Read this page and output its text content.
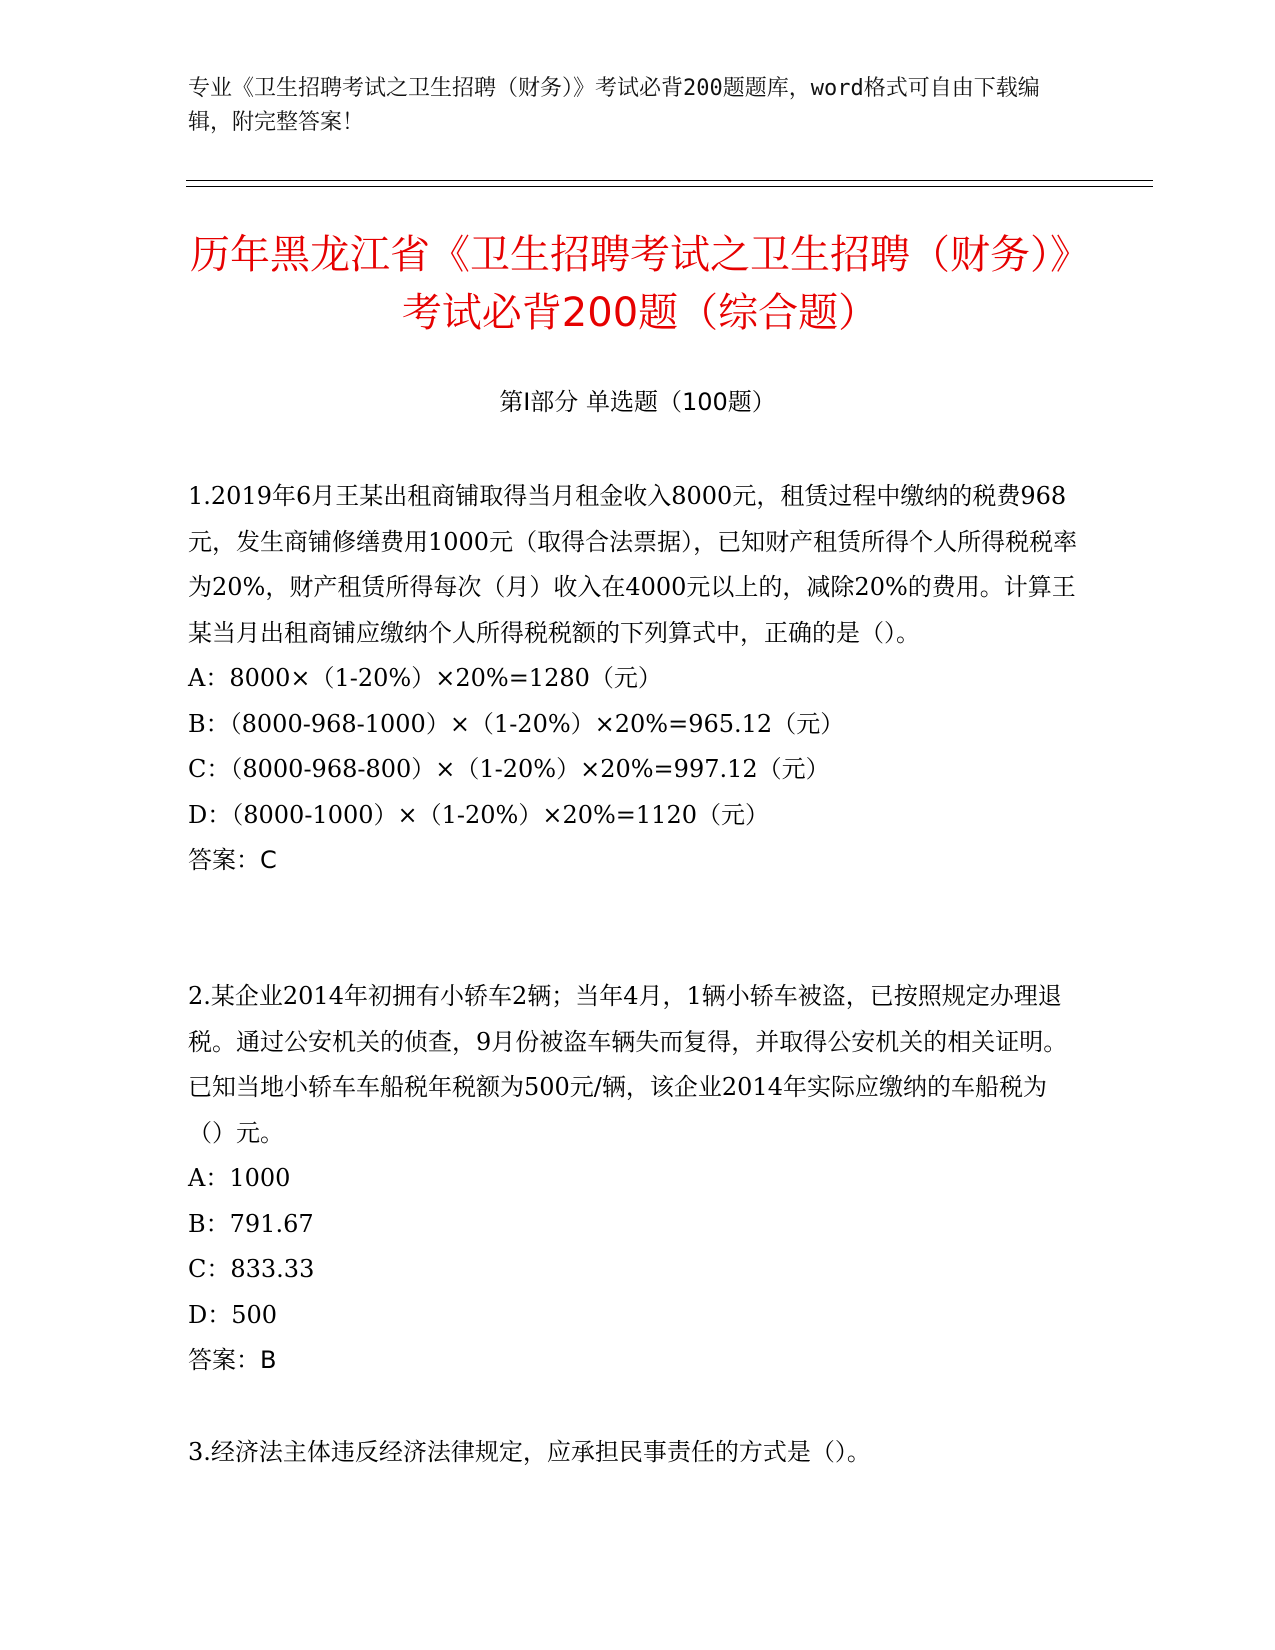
专业《卫生招聘考试之卫生招聘（财务）》考试必背200题题库，word格式可自由下载编辑，附完整答案！
历年黑龙江省《卫生招聘考试之卫生招聘（财务）》考试必背200题（综合题）
第Ⅰ部分 单选题（100题）
1.2019年6月王某出租商铺取得当月租金收入8000元，租赁过程中缴纳的税费968元，发生商铺修缮费用1000元（取得合法票据），已知财产租赁所得个人所得税税率为20%，财产租赁所得每次（月）收入在4000元以上的，减除20%的费用。计算王某当月出租商铺应缴纳个人所得税税额的下列算式中，正确的是（）。
A：8000×（1-20%）×20%=1280（元）
B：（8000-968-1000）×（1-20%）×20%=965.12（元）
C：（8000-968-800）×（1-20%）×20%=997.12（元）
D：（8000-1000）×（1-20%）×20%=1120（元）
答案：C
2.某企业2014年初拥有小轿车2辆；当年4月，1辆小轿车被盗，已按照规定办理退税。通过公安机关的侦查，9月份被盗车辆失而复得，并取得公安机关的相关证明。已知当地小轿车车船税年税额为500元/辆，该企业2014年实际应缴纳的车船税为（）元。
A：1000
B：791.67
C：833.33
D：500
答案：B
3.经济法主体违反经济法律规定，应承担民事责任的方式是（）。
